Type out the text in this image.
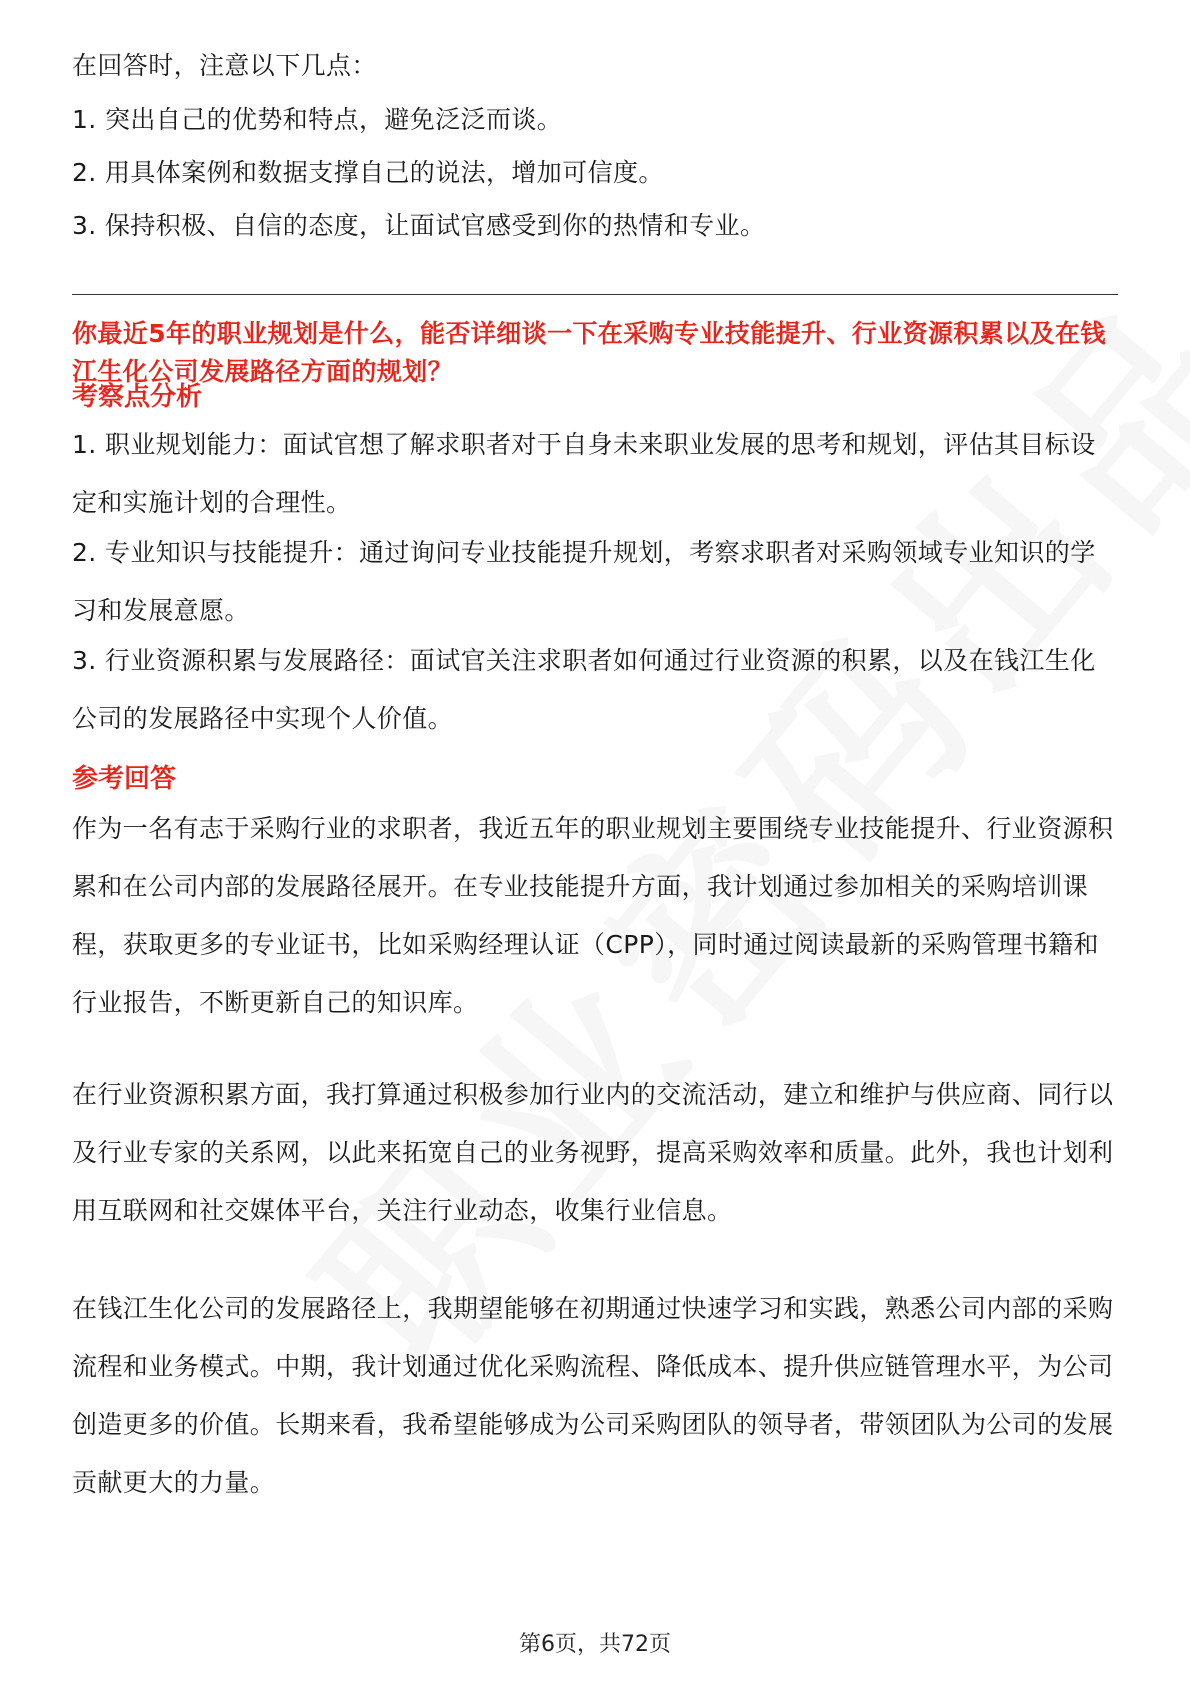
在回答时，注意以下几点：

1. 突出自己的优势和特点，避免泛泛而谈。

2. 用具体案例和数据支撑自己的说法，增加可信度。

3. 保持积极、自信的态度，让面试官感受到你的热情和专业。

你最近5年的职业规划是什么，能否详细谈一下在采购专业技能提升、行业资源积累以及在钱江生化公司发展路径方面的规划？

考察点分析

1. 职业规划能力：面试官想了解求职者对于自身未来职业发展的思考和规划，评估其目标设定和实施计划的合理性。

2. 专业知识与技能提升：通过询问专业技能提升规划，考察求职者对采购领域专业知识的学习和发展意愿。

3. 行业资源积累与发展路径：面试官关注求职者如何通过行业资源的积累，以及在钱江生化公司的发展路径中实现个人价值。

参考回答

作为一名有志于采购行业的求职者，我近五年的职业规划主要围绕专业技能提升、行业资源积累和在公司内部的发展路径展开。在专业技能提升方面，我计划通过参加相关的采购培训课程，获取更多的专业证书，比如采购经理认证（CPP），同时通过阅读最新的采购管理书籍和行业报告，不断更新自己的知识库。

在行业资源积累方面，我打算通过积极参加行业内的交流活动，建立和维护与供应商、同行以及行业专家的关系网，以此来拓宽自己的业务视野，提高采购效率和质量。此外，我也计划利用互联网和社交媒体平台，关注行业动态，收集行业信息。

在钱江生化公司的发展路径上，我期望能够在初期通过快速学习和实践，熟悉公司内部的采购流程和业务模式。中期，我计划通过优化采购流程、降低成本、提升供应链管理水平，为公司创造更多的价值。长期来看，我希望能够成为公司采购团队的领导者，带领团队为公司的发展贡献更大的力量。

第6页，共72页
